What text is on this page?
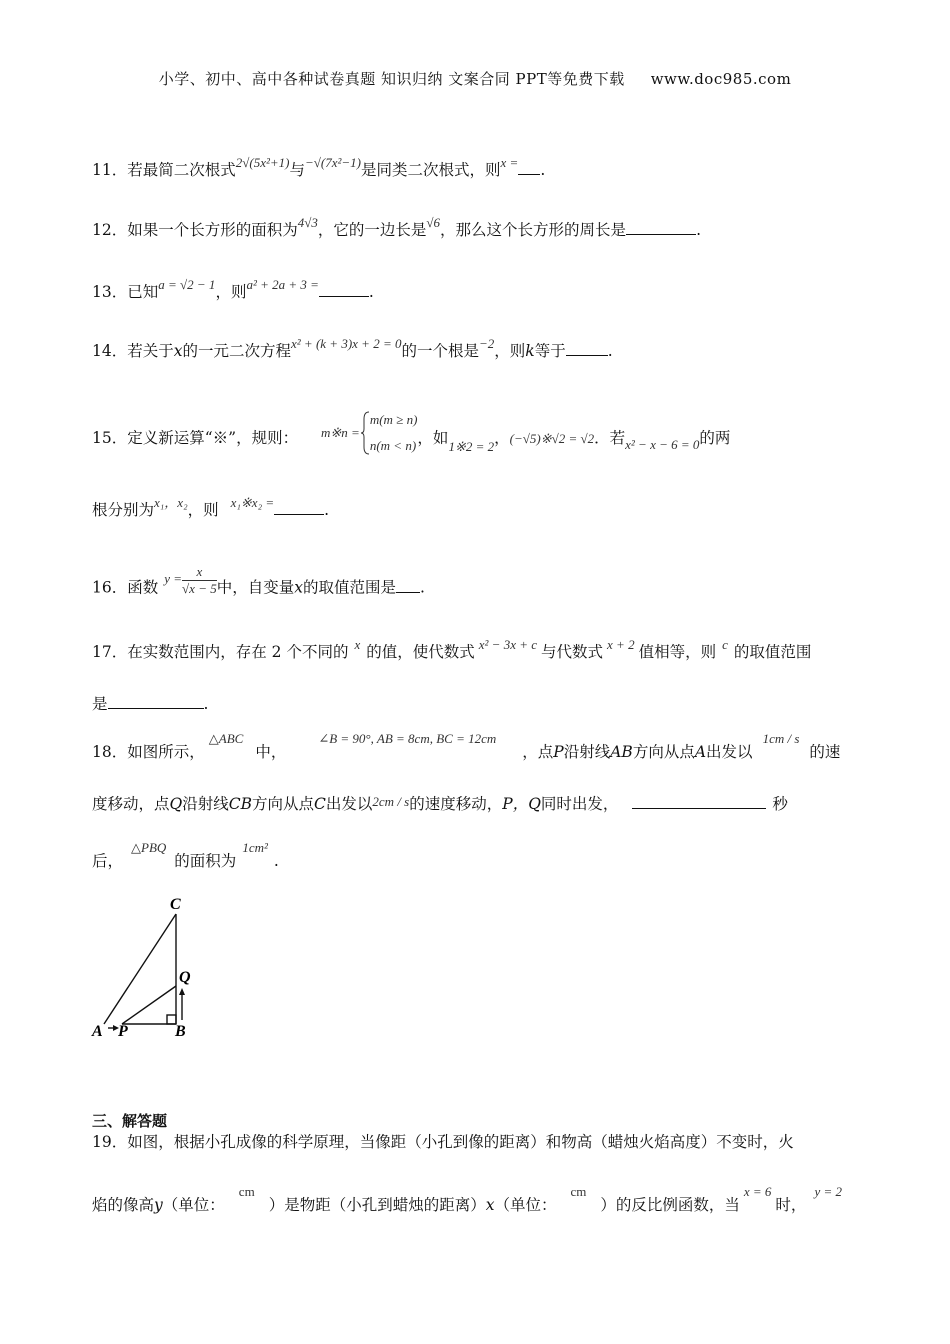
小学、初中、高中各种试卷真题 知识归纳 文案合同 PPT等免费下载 www.doc985.com
11．若最简二次根式$^{2√(5x^2+1)}$与$^{-√(7x^2-1)}$是同类二次根式，则$^{x =}$ .
12．如果一个长方形的面积为$^{4√3}$，它的一边长是$^{√6}$，那么这个长方形的周长是	.
13．已知$^{a = √2 - 1}$，则$^{a^2 + 2a + 3 =}$	.
14．若关于x的一元二次方程$^{x^2 + (k + 3)x + 2 = 0}$的一个根是$^{-2}$，则k等于	.
15．定义新运算“※”，规则： $^{m※n =}$
m(m ≥ n)
n(m < n) ，如$_{1※2 = 2}$，(−√5)※√2 = √2．若$_{x^2 - x - 6 = 0}$的两
根分别为$^{x_1,x_2}$，则 $^{x_1※x_2 =}$	.
16．函数$^{y =} \frac{x}{√x - 5}$ 中，自变量x的取值范围是 .
17．在实数范围内，存在 2 个不同的 $^x$ 的值，使代数式 $^{x^2 - 3x + c}$ 与代数式 $^{x + 2}$ 值相等，则 $^c$ 的取值范围
是	.
18．如图所示，$^{\triangle ABC}$中，$^{\angle B = 90^\circ, AB = 8cm, BC = 12cm}$，点P沿射线AB方向从点A出发以$^{1cm / s}$的速
度移动，点Q沿射线CB方向从点C出发以2cm / s的速度移动，P，Q同时出发，	秒
后，$^{\triangle PBQ}$的面积为$^{1cm^2}$.
C
Q
A P	B
三、解答题
19．如图，根据小孔成像的科学原理，当像距（小孔到像的距离）和物高（蜡烛火焰高度）不变时，火
焰的像高y（单位：$^{cm}$）是物距（小孔到蜡烛的距离）x（单位：$^{cm}$）的反比例函数，当$^{x = 6}$时，$^{y = 2}$
